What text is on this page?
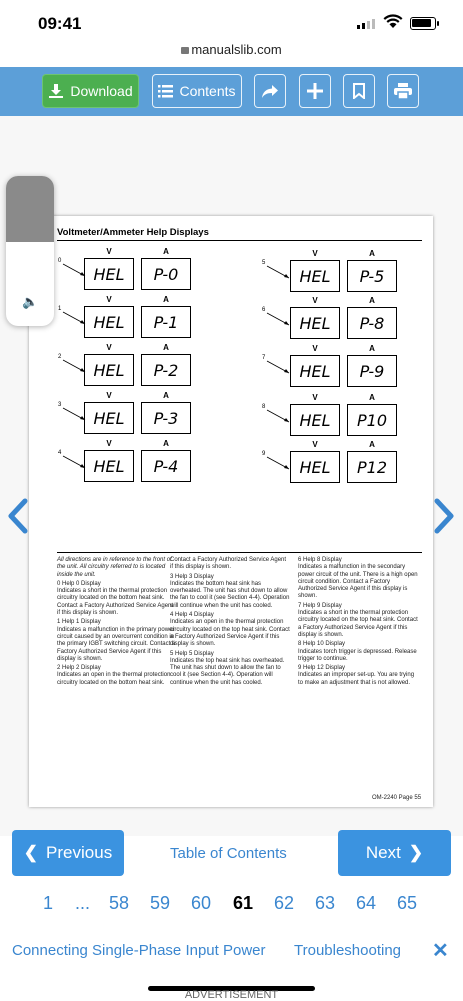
09:41
manualslib.com
Download	Contents
Voltmeter/Ammeter Help Displays
V	A
HEL	P-0
0
V	A
HEL	P-1
1
V	A
HEL	P-2
2
V	A
HEL	P-3
3
V	A
HEL	P-4
4
V	A
HEL	P-5
5
V	A
HEL	P-8
6
V	A
HEL	P-9
7
V	A
HEL	P10
8
V	A
HEL	P12
9
All directions are in reference to the front of the unit. All circuitry referred to is located inside the unit.
0 Help 0 Display
Indicates a short in the thermal protection circuitry located on the bottom heat sink. Contact a Factory Authorized Service Agent if this display is shown.
1 Help 1 Display
Indicates a malfunction in the primary power circuit caused by an overcurrent condition in the primary IGBT switching circuit. Contact a Factory Authorized Service Agent if this display is shown.
2 Help 2 Display
Indicates an open in the thermal protection circuitry located on the bottom heat sink.
Contact a Factory Authorized Service Agent if this display is shown.
3 Help 3 Display
Indicates the bottom heat sink has overheated. The unit has shut down to allow the fan to cool it (see Section 4-4). Operation will continue when the unit has cooled.
4 Help 4 Display
Indicates an open in the thermal protection circuitry located on the top heat sink. Contact a Factory Authorized Service Agent if this display is shown.
5 Help 5 Display
Indicates the top heat sink has overheated. The unit has shut down to allow the fan to cool it (see Section 4-4). Operation will continue when the unit has cooled.
6 Help 8 Display
Indicates a malfunction in the secondary power circuit of the unit. There is a high open circuit condition. Contact a Factory Authorized Service Agent if this display is shown.
7 Help 9 Display
Indicates a short in the thermal protection circuitry located on the top heat sink. Contact a Factory Authorized Service Agent if this display is shown.
8 Help 10 Display
Indicates torch trigger is depressed. Release trigger to continue.
9 Help 12 Display
Indicates an improper set-up. You are trying to make an adjustment that is not allowed.
OM-2240 Page 55
🔈
❮ Previous	Table of Contents	Next ❯
1 ... 58 59 60 61 62 63 64 65
Connecting Single-Phase Input Power Troubleshooting ✕
ADVERTISEMENT
